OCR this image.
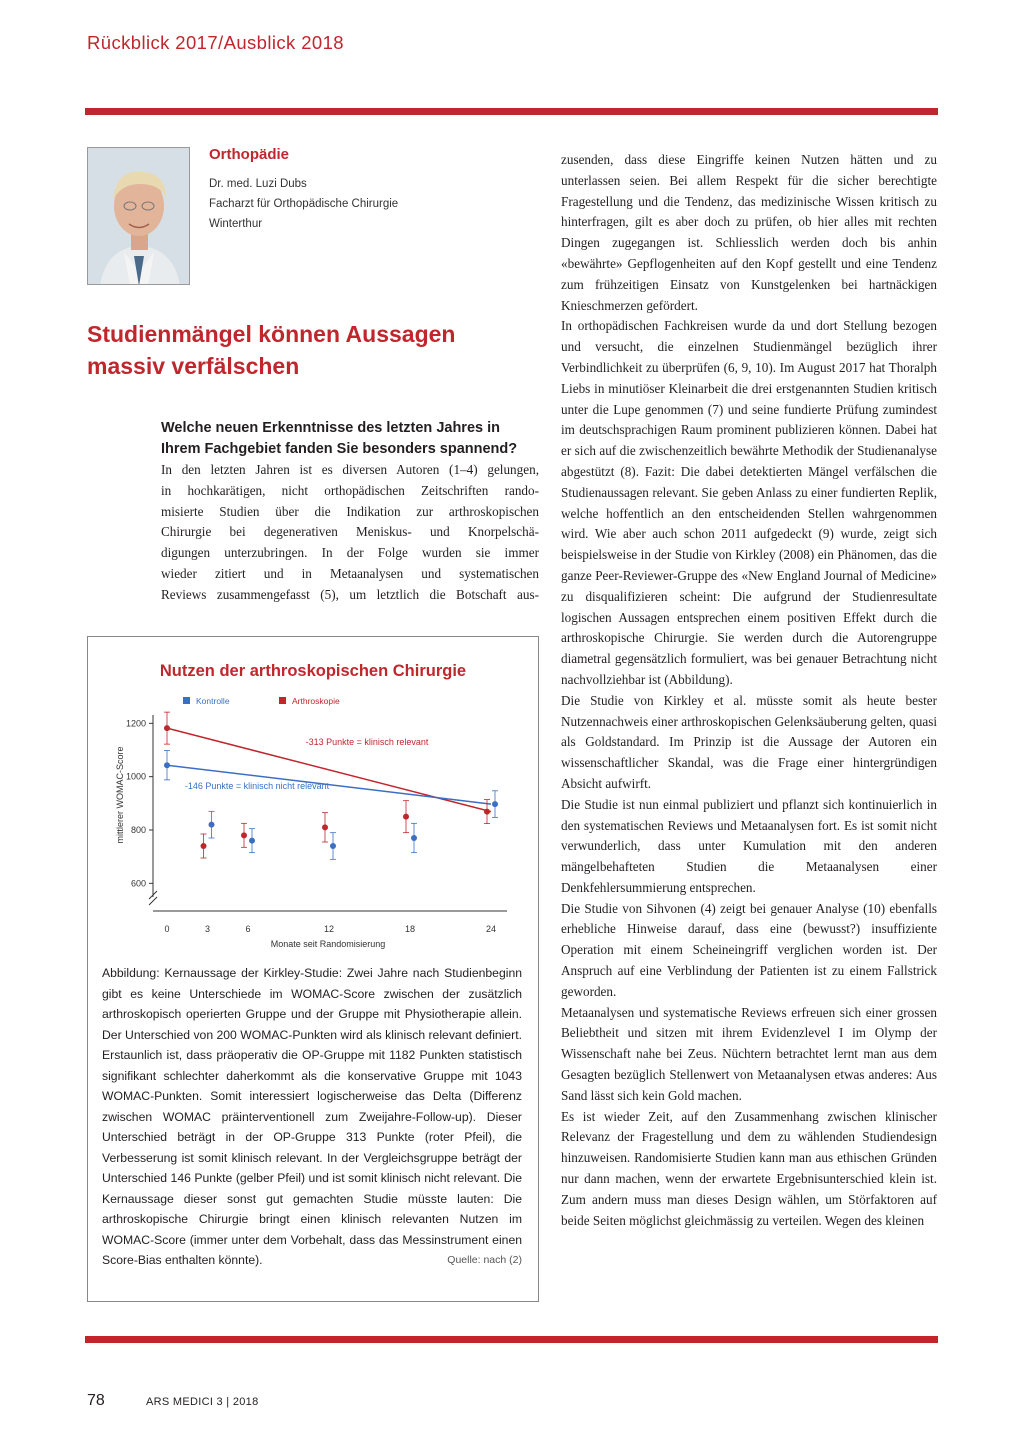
Rückblick 2017/Ausblick 2018
Orthopädie
Dr. med. Luzi Dubs
Facharzt für Orthopädische Chirurgie
Winterthur
Studienmängel können Aussagen massiv verfälschen
Welche neuen Erkenntnisse des letzten Jahres in Ihrem Fachgebiet fanden Sie besonders spannend?
In den letzten Jahren ist es diversen Autoren (1–4) gelungen,
in hochkarätigen, nicht orthopädischen Zeitschriften rando-
misierte Studien über die Indikation zur arthroskopischen
Chirurgie bei degenerativen Meniskus- und Knorpelschä-
digungen unterzubringen. In der Folge wurden sie immer
wieder zitiert und in Metaanalysen und systematischen
Reviews zusammengefasst (5), um letztlich die Botschaft aus-
Nutzen der arthroskopischen Chirurgie
Kontrolle	Arthroskopie
600
800
1000
1200
0	3	6	12	18	24
-313 Punkte = klinisch relevant
-146 Punkte = klinisch nicht relevant
Monate seit Randomisierung
mittlerer WOMAC-Score
Abbildung: Kernaussage der Kirkley-Studie: Zwei Jahre nach Studienbeginn gibt es keine Unterschiede im WOMAC-Score zwischen der zusätzlich arthroskopisch operierten Gruppe und der Gruppe mit Physiotherapie allein. Der Unterschied von 200 WOMAC-Punkten wird als klinisch relevant definiert. Erstaunlich ist, dass präoperativ die OP-Gruppe mit 1182 Punkten statistisch signifikant schlechter daherkommt als die konservative Gruppe mit 1043 WOMAC-Punkten. Somit interessiert logischerweise das Delta (Differenz zwischen WOMAC präinterventionell zum Zweijahre-Follow-up). Dieser Unterschied beträgt in der OP-Gruppe 313 Punkte (roter Pfeil), die Verbesserung ist somit klinisch relevant. In der Vergleichsgruppe beträgt der Unterschied 146 Punkte (gelber Pfeil) und ist somit klinisch nicht relevant. Die Kernaussage dieser sonst gut gemachten Studie müsste lauten: Die arthroskopische Chirurgie bringt einen klinisch relevanten Nutzen im WOMAC-Score (immer unter dem Vorbehalt, dass das Messinstrument einen Score-Bias enthalten könnte).	Quelle: nach (2)

zusenden, dass diese Eingriffe keinen Nutzen hätten und zu unterlassen seien. Bei allem Respekt für die sicher berechtigte Fragestellung und die Tendenz, das medizinische Wissen kritisch zu hinterfragen, gilt es aber doch zu prüfen, ob hier alles mit rechten Dingen zugegangen ist. Schliesslich werden doch bis anhin «bewährte» Gepflogenheiten auf den Kopf gestellt und eine Tendenz zum frühzeitigen Einsatz von Kunstgelenken bei hartnäckigen Knieschmerzen gefördert.

In orthopädischen Fachkreisen wurde da und dort Stellung bezogen und versucht, die einzelnen Studienmängel bezüglich ihrer Verbindlichkeit zu überprüfen (6, 9, 10). Im August 2017 hat Thoralph Liebs in minutiöser Kleinarbeit die drei erstgenannten Studien kritisch unter die Lupe genommen (7) und seine fundierte Prüfung zumindest im deutschsprachigen Raum prominent publizieren können. Dabei hat er sich auf die zwischenzeitlich bewährte Methodik der Studienanalyse abgestützt (8). Fazit: Die dabei detektierten Mängel verfälschen die Studienaussagen relevant. Sie geben Anlass zu einer fundierten Replik, welche hoffentlich an den entscheidenden Stellen wahrgenommen wird. Wie aber auch schon 2011 aufgedeckt (9) wurde, zeigt sich beispielsweise in der Studie von Kirkley (2008) ein Phänomen, das die ganze Peer-Reviewer-Gruppe des «New England Journal of Medicine» zu disqualifizieren scheint: Die aufgrund der Studienresultate logischen Aussagen entsprechen einem positiven Effekt durch die arthroskopische Chirurgie. Sie werden durch die Autorengruppe diametral gegensätzlich formuliert, was bei genauer Betrachtung nicht nachvollziehbar ist (Abbildung).

Die Studie von Kirkley et al. müsste somit als heute bester Nutzennachweis einer arthroskopischen Gelenksäuberung gelten, quasi als Goldstandard. Im Prinzip ist die Aussage der Autoren ein wissenschaftlicher Skandal, was die Frage einer hintergründigen Absicht aufwirft.

Die Studie ist nun einmal publiziert und pflanzt sich kontinuierlich in den systematischen Reviews und Metaanalysen fort. Es ist somit nicht verwunderlich, dass unter Kumulation mit den anderen mängelbehafteten Studien die Metaanalysen einer Denkfehlersummierung entsprechen.

Die Studie von Sihvonen (4) zeigt bei genauer Analyse (10) ebenfalls erhebliche Hinweise darauf, dass eine (bewusst?) insuffiziente Operation mit einem Scheineingriff verglichen worden ist. Der Anspruch auf eine Verblindung der Patienten ist zu einem Fallstrick geworden.

Metaanalysen und systematische Reviews erfreuen sich einer grossen Beliebtheit und sitzen mit ihrem Evidenzlevel I im Olymp der Wissenschaft nahe bei Zeus. Nüchtern betrachtet lernt man aus dem Gesagten bezüglich Stellenwert von Metaanalysen etwas anderes: Aus Sand lässt sich kein Gold machen.

Es ist wieder Zeit, auf den Zusammenhang zwischen klinischer Relevanz der Fragestellung und dem zu wählenden Studiendesign hinzuweisen. Randomisierte Studien kann man aus ethischen Gründen nur dann machen, wenn der erwartete Ergebnisunterschied klein ist. Zum andern muss man dieses Design wählen, um Störfaktoren auf beide Seiten möglichst gleichmässig zu verteilen. Wegen des kleinen

78	ARS MEDICI 3 | 2018
